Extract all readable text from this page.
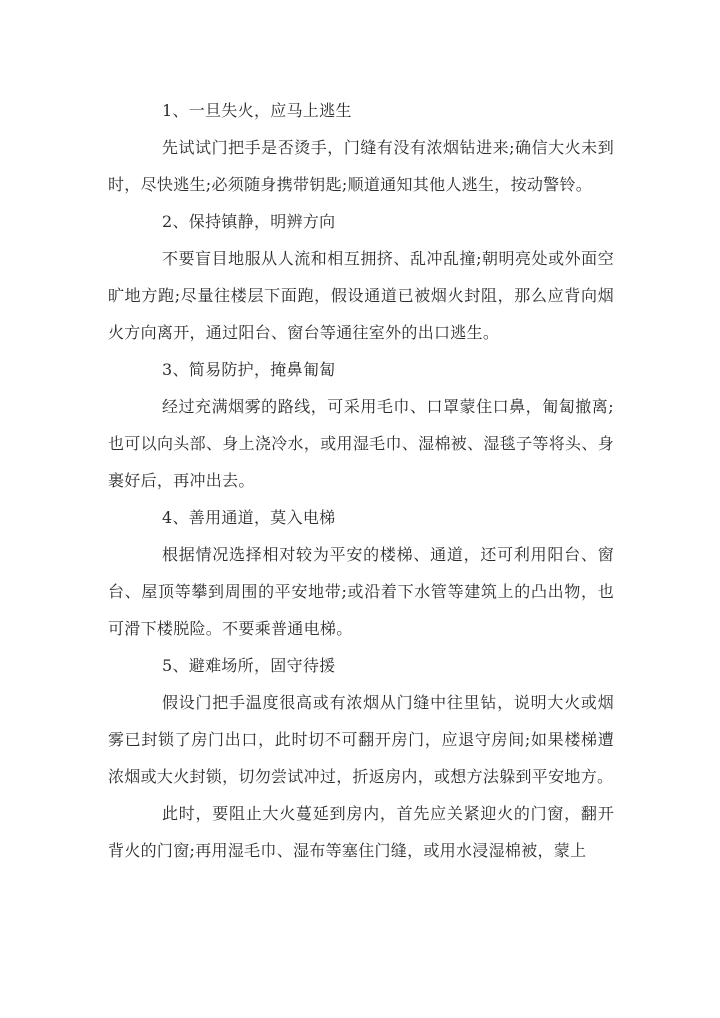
1、一旦失火，应马上逃生

先试试门把手是否烫手，门缝有没有浓烟钻进来;确信大火未到时，尽快逃生;必须随身携带钥匙;顺道通知其他人逃生，按动警铃。

2、保持镇静，明辨方向

不要盲目地服从人流和相互拥挤、乱冲乱撞;朝明亮处或外面空旷地方跑;尽量往楼层下面跑，假设通道已被烟火封阻，那么应背向烟火方向离开，通过阳台、窗台等通往室外的出口逃生。

3、简易防护，掩鼻匍匐

经过充满烟雾的路线，可采用毛巾、口罩蒙住口鼻，匍匐撤离;也可以向头部、身上浇冷水，或用湿毛巾、湿棉被、湿毯子等将头、身裹好后，再冲出去。

4、善用通道，莫入电梯

根据情况选择相对较为平安的楼梯、通道，还可利用阳台、窗台、屋顶等攀到周围的平安地带;或沿着下水管等建筑上的凸出物，也可滑下楼脱险。不要乘普通电梯。

5、避难场所，固守待援

假设门把手温度很高或有浓烟从门缝中往里钻，说明大火或烟雾已封锁了房门出口，此时切不可翻开房门，应退守房间;如果楼梯遭浓烟或大火封锁，切勿尝试冲过，折返房内，或想方法躲到平安地方。

此时，要阻止大火蔓延到房内，首先应关紧迎火的门窗，翻开背火的门窗;再用湿毛巾、湿布等塞住门缝，或用水浸湿棉被，蒙上
